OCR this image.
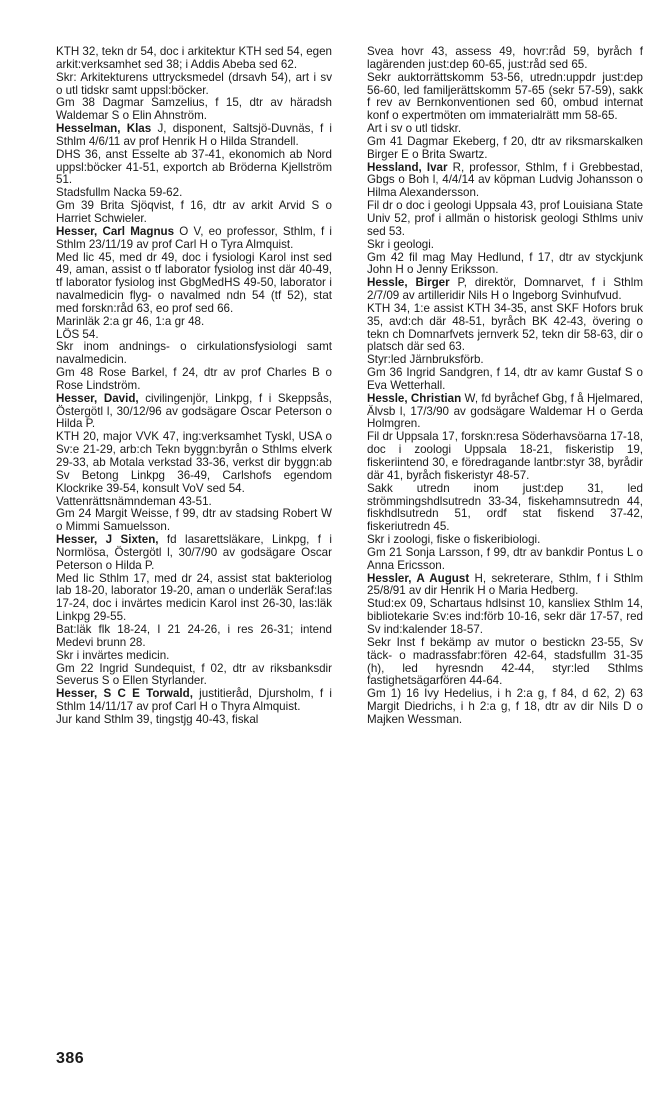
KTH 32, tekn dr 54, doc i arkitektur KTH sed 54, egen arkit:verksamhet sed 38; i Addis Abeba sed 62.

Skr: Arkitekturens uttrycksmedel (drsavh 54), art i sv o utl tidskr samt uppsl:böcker.

Gm 38 Dagmar Samzelius, f 15, dtr av häradsh Waldemar S o Elin Ahnström.

Hesselman, Klas J, disponent, Saltsjö-Duvnäs, f i Sthlm 4/6/11 av prof Henrik H o Hilda Strandell.

DHS 36, anst Esselte ab 37-41, ekonomich ab Nord uppsl:böcker 41-51, exportch ab Bröderna Kjellström 51.

Stadsfullm Nacka 59-62.

Gm 39 Brita Sjöqvist, f 16, dtr av arkit Arvid S o Harriet Schwieler.

Hesser, Carl Magnus O V, eo professor, Sthlm, f i Sthlm 23/11/19 av prof Carl H o Tyra Almquist.

Med lic 45, med dr 49, doc i fysiologi Karol inst sed 49, aman, assist o tf laborator fysiolog inst där 40-49, tf laborator fysiolog inst GbgMedHS 49-50, laborator i navalmedicin flyg- o navalmed ndn 54 (tf 52), stat med forskn:råd 63, eo prof sed 66.

Marinläk 2:a gr 46, 1:a gr 48.

LÖS 54.

Skr inom andnings- o cirkulationsfysiologi samt navalmedicin.

Gm 48 Rose Barkel, f 24, dtr av prof Charles B o Rose Lindström.

Hesser, David, civilingenjör, Linkpg, f i Skeppsås, Östergötl l, 30/12/96 av godsägare Oscar Peterson o Hilda P.

KTH 20, major VVK 47, ing:verksamhet Tyskl, USA o Sv:e 21-29, arb:ch Tekn byggn:byrån o Sthlms elverk 29-33, ab Motala verkstad 33-36, verkst dir byggn:ab Sv Betong Linkpg 36-49, Carlshofs egendom Klockrike 39-54, konsult VoV sed 54.

Vattenrättsnämndeman 43-51.

Gm 24 Margit Weisse, f 99, dtr av stadsing Robert W o Mimmi Samuelsson.

Hesser, J Sixten, fd lasarettsläkare, Linkpg, f i Normlösa, Östergötl l, 30/7/90 av godsägare Oscar Peterson o Hilda P.

Med lic Sthlm 17, med dr 24, assist stat bakteriolog lab 18-20, laborator 19-20, aman o underläk Seraf:las 17-24, doc i invärtes medicin Karol inst 26-30, las:läk Linkpg 29-55.

Bat:läk flk 18-24, I 21 24-26, i res 26-31; intend Medevi brunn 28.

Skr i invärtes medicin.

Gm 22 Ingrid Sundequist, f 02, dtr av riksbanksdir Severus S o Ellen Styrlander.

Hesser, S C E Torwald, justitieråd, Djursholm, f i Sthlm 14/11/17 av prof Carl H o Thyra Almquist.

Jur kand Sthlm 39, tingstjg 40-43, fiskal

Svea hovr 43, assess 49, hovr:råd 59, byråch f lagärenden just:dep 60-65, just:råd sed 65.

Sekr auktorrättskomm 53-56, utredn:uppdr just:dep 56-60, led familjerättskomm 57-65 (sekr 57-59), sakk f rev av Bernkonventionen sed 60, ombud internat konf o expertmöten om immaterialrätt mm 58-65.

Art i sv o utl tidskr.

Gm 41 Dagmar Ekeberg, f 20, dtr av riksmarskalken Birger E o Brita Swartz.

Hessland, Ivar R, professor, Sthlm, f i Grebbestad, Gbgs o Boh l, 4/4/14 av köpman Ludvig Johansson o Hilma Alexandersson.

Fil dr o doc i geologi Uppsala 43, prof Louisiana State Univ 52, prof i allmän o historisk geologi Sthlms univ sed 53.

Skr i geologi.

Gm 42 fil mag May Hedlund, f 17, dtr av styckjunk John H o Jenny Eriksson.

Hessle, Birger P, direktör, Domnarvet, f i Sthlm 2/7/09 av artilleridir Nils H o Ingeborg Svinhufvud.

KTH 34, 1:e assist KTH 34-35, anst SKF Hofors bruk 35, avd:ch där 48-51, byråch BK 42-43, övering o tekn ch Domnarfvets jernverk 52, tekn dir 58-63, dir o platsch där sed 63.

Styr:led Järnbruksförb.

Gm 36 Ingrid Sandgren, f 14, dtr av kamr Gustaf S o Eva Wetterhall.

Hessle, Christian W, fd byråchef Gbg, f å Hjelmared, Älvsb l, 17/3/90 av godsägare Waldemar H o Gerda Holmgren.

Fil dr Uppsala 17, forskn:resa Söderhavsöarna 17-18, doc i zoologi Uppsala 18-21, fiskeristip 19, fiskeriintend 30, e föredragande lantbr:styr 38, byrådir där 41, byråch fiskeristyr 48-57.

Sakk utredn inom just:dep 31, led strömmingshdlsutredn 33-34, fiskehamnsutredn 44, fiskhdlsutredn 51, ordf stat fiskend 37-42, fiskeriutredn 45.

Skr i zoologi, fiske o fiskeribiologi.

Gm 21 Sonja Larsson, f 99, dtr av bankdir Pontus L o Anna Ericsson.

Hessler, A August H, sekreterare, Sthlm, f i Sthlm 25/8/91 av dir Henrik H o Maria Hedberg.

Stud:ex 09, Schartaus hdlsinst 10, kansliex Sthlm 14, bibliotekarie Sv:es ind:förb 10-16, sekr där 17-57, red Sv ind:kalender 18-57.

Sekr Inst f bekämp av mutor o bestickn 23-55, Sv täck- o madrassfabr:fören 42-64, stadsfullm 31-35 (h), led hyresndn 42-44, styr:led Sthlms fastighetsägarfören 44-64.

Gm 1) 16 Ivy Hedelius, i h 2:a g, f 84, d 62, 2) 63 Margit Diedrichs, i h 2:a g, f 18, dtr av dir Nils D o Majken Wessman.

386
